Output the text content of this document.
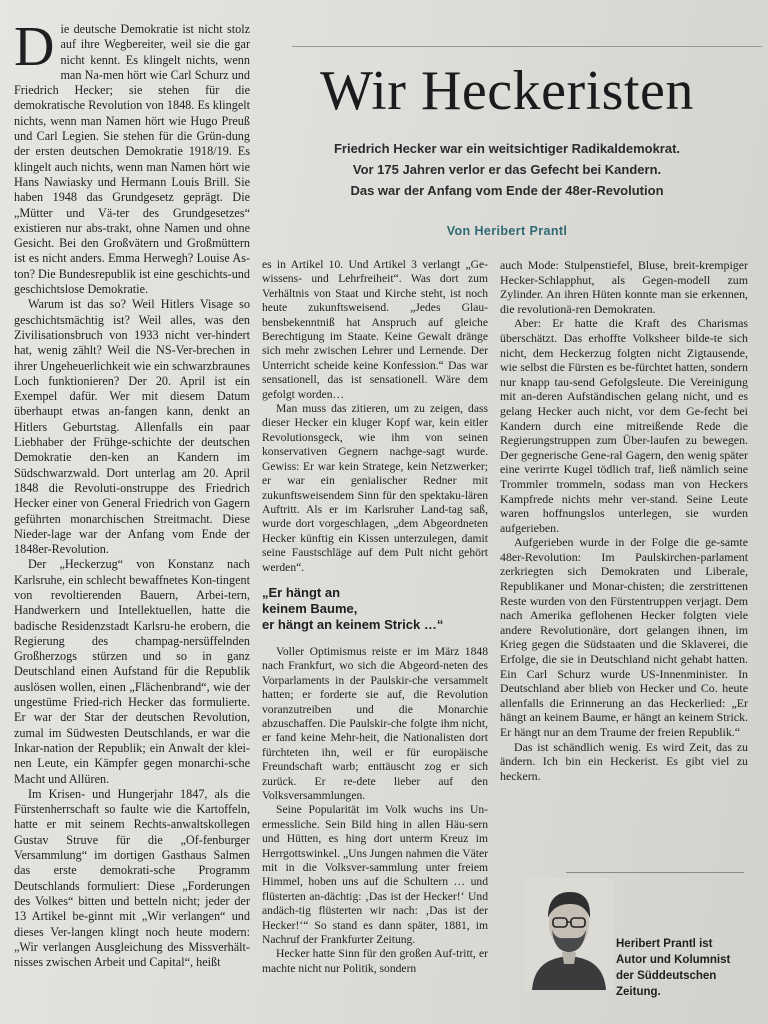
Wir Heckeristen
Friedrich Hecker war ein weitsichtiger Radikaldemokrat.
Vor 175 Jahren verlor er das Gefecht bei Kandern.
Das war der Anfang vom Ende der 48er-Revolution
Von Heribert Prantl

Die deutsche Demokratie ist nicht stolz auf ihre Wegbereiter, weil sie die gar nicht kennt. Es klingelt nichts, wenn man Na-men hört wie Carl Schurz und Friedrich Hecker; sie stehen für die demokratische Revolution von 1848. Es klingelt nichts, wenn man Namen hört wie Hugo Preuß und Carl Legien. Sie stehen für die Grün-dung der ersten deutschen Demokratie 1918/19. Es klingelt auch nichts, wenn man Namen hört wie Hans Nawiasky und Hermann Louis Brill. Sie haben 1948 das Grundgesetz geprägt. Die „Mütter und Vä-ter des Grundgesetzes“ existieren nur abs-trakt, ohne Namen und ohne Gesicht. Bei den Großvätern und Großmüttern ist es nicht anders. Emma Herwegh? Louise As-ton? Die Bundesrepublik ist eine geschichts-und geschichtslose Demokratie.

Warum ist das so? Weil Hitlers Visage so geschichtsmächtig ist? Weil alles, was den Zivilisationsbruch von 1933 nicht ver-hindert hat, wenig zählt? Weil die NS-Ver-brechen in ihrer Ungeheuerlichkeit wie ein schwarzbraunes Loch funktionieren? Der 20. April ist ein Exempel dafür. Wer mit diesem Datum überhaupt etwas an-fangen kann, denkt an Hitlers Geburtstag. Allenfalls ein paar Liebhaber der Frühge-schichte der deutschen Demokratie den-ken an Kandern im Südschwarzwald. Dort unterlag am 20. April 1848 die Revoluti-onstruppe des Friedrich Hecker einer von General Friedrich von Gagern geführten monarchischen Streitmacht. Diese Nieder-lage war der Anfang vom Ende der 1848er-Revolution.

Der „Heckerzug“ von Konstanz nach Karlsruhe, ein schlecht bewaffnetes Kon-tingent von revoltierenden Bauern, Arbei-tern, Handwerkern und Intellektuellen, hatte die badische Residenzstadt Karlsru-he erobern, die Regierung des champag-nersüffelnden Großherzogs stürzen und so in ganz Deutschland einen Aufstand für die Republik auslösen wollen, einen „Flächenbrand“, wie der ungestüme Fried-rich Hecker das formulierte. Er war der Star der deutschen Revolution, zumal im Südwesten Deutschlands, er war die Inkar-nation der Republik; ein Anwalt der klei-nen Leute, ein Kämpfer gegen monarchi-sche Macht und Allüren.

Im Krisen- und Hungerjahr 1847, als die Fürstenherrschaft so faulte wie die Kartoffeln, hatte er mit seinem Rechts-anwaltskollegen Gustav Struve für die „Of-fenburger Versammlung“ im dortigen Gasthaus Salmen das erste demokrati-sche Programm Deutschlands formuliert: Diese „Forderungen des Volkes“ bitten und betteln nicht; jeder der 13 Artikel be-ginnt mit „Wir verlangen“ und dieses Ver-langen klingt noch heute modern: „Wir verlangen Ausgleichung des Missverhält-nisses zwischen Arbeit und Capital“, heißt

es in Artikel 10. Und Artikel 3 verlangt „Ge-wissens- und Lehrfreiheit“. Was dort zum Verhältnis von Staat und Kirche steht, ist noch heute zukunftsweisend. „Jedes Glau-bensbekenntniß hat Anspruch auf gleiche Berechtigung im Staate. Keine Gewalt dränge sich mehr zwischen Lehrer und Lernende. Der Unterricht scheide keine Konfession.“ Das war sensationell, das ist sensationell. Wäre dem gefolgt worden…

Man muss das zitieren, um zu zeigen, dass dieser Hecker ein kluger Kopf war, kein eitler Revolutionsgeck, wie ihm von seinen konservativen Gegnern nachge-sagt wurde. Gewiss: Er war kein Stratege, kein Netzwerker; er war ein genialischer Redner mit zukunftsweisendem Sinn für den spektaku-lären Auftritt. Als er im Karlsruher Land-tag saß, wurde dort vorgeschlagen, „dem Abgeordneten Hecker künftig ein Kissen unterzulegen, damit seine Faustschläge auf dem Pult nicht gehört werden“.

„Er hängt an
keinem Baume,
er hängt an keinem Strick …“

Voller Optimismus reiste er im März 1848 nach Frankfurt, wo sich die Abgeord-neten des Vorparlaments in der Paulskir-che versammelt hatten; er forderte sie auf, die Revolution voranzutreiben und die Monarchie abzuschaffen. Die Paulskir-che folgte ihm nicht, er fand keine Mehr-heit, die Nationalisten dort fürchteten ihn, weil er für europäische Freundschaft warb; enttäuscht zog er sich zurück. Er re-dete lieber auf den Volksversammlungen.

Seine Popularität im Volk wuchs ins Un-ermessliche. Sein Bild hing in allen Häu-sern und Hütten, es hing dort unterm Kreuz im Herrgottswinkel. „Uns Jungen nahmen die Väter mit in die Volksver-sammlung unter freiem Himmel, hoben uns auf die Schultern … und flüsterten an-dächtig: ‚Das ist der Hecker!‘ Und andäch-tig flüsterten wir nach: ‚Das ist der Hecker!‘“ So stand es dann später, 1881, im Nachruf der Frankfurter Zeitung.

Hecker hatte Sinn für den großen Auf-tritt, er machte nicht nur Politik, sondern

auch Mode: Stulpenstiefel, Bluse, breit-krempiger Hecker-Schlapphut, als Gegen-modell zum Zylinder. An ihren Hüten konnte man sie erkennen, die revolutionä-ren Demokraten.

Aber: Er hatte die Kraft des Charismas überschätzt. Das erhoffte Volksheer bilde-te sich nicht, dem Heckerzug folgten nicht Zigtausende, wie selbst die Fürsten es be-fürchtet hatten, sondern nur knapp tau-send Gefolgsleute. Die Vereinigung mit an-deren Aufständischen gelang nicht, und es gelang Hecker auch nicht, vor dem Ge-fecht bei Kandern durch eine mitreißende Rede die Regierungstruppen zum Über-laufen zu bewegen. Der gegnerische Gene-ral Gagern, den wenig später eine verirrte Kugel tödlich traf, ließ nämlich seine Trommler trommeln, sodass man von Heckers Kampfrede nichts mehr ver-stand. Seine Leute waren hoffnungslos unterlegen, sie wurden aufgerieben.

Aufgerieben wurde in der Folge die ge-samte 48er-Revolution: Im Paulskirchen-parlament zerkriegten sich Demokraten und Liberale, Republikaner und Monar-chisten; die zerstrittenen Reste wurden von den Fürstentruppen verjagt. Dem nach Amerika geflohenen Hecker folgten viele andere Revolutionäre, dort gelangen ihnen, im Krieg gegen die Südstaaten und die Sklaverei, die Erfolge, die sie in Deutschland nicht gehabt hatten. Ein Carl Schurz wurde US-Innenminister. In Deutschland aber blieb von Hecker und Co. heute allenfalls die Erinnerung an das Heckerlied: „Er hängt an keinem Baume, er hängt an keinem Strick. Er hängt nur an dem Traume der freien Republik.“

Das ist schändlich wenig. Es wird Zeit, das zu ändern. Ich bin ein Heckerist. Es gibt viel zu heckern.

Heribert Prantl ist
Autor und Kolumnist
der Süddeutschen
Zeitung.
